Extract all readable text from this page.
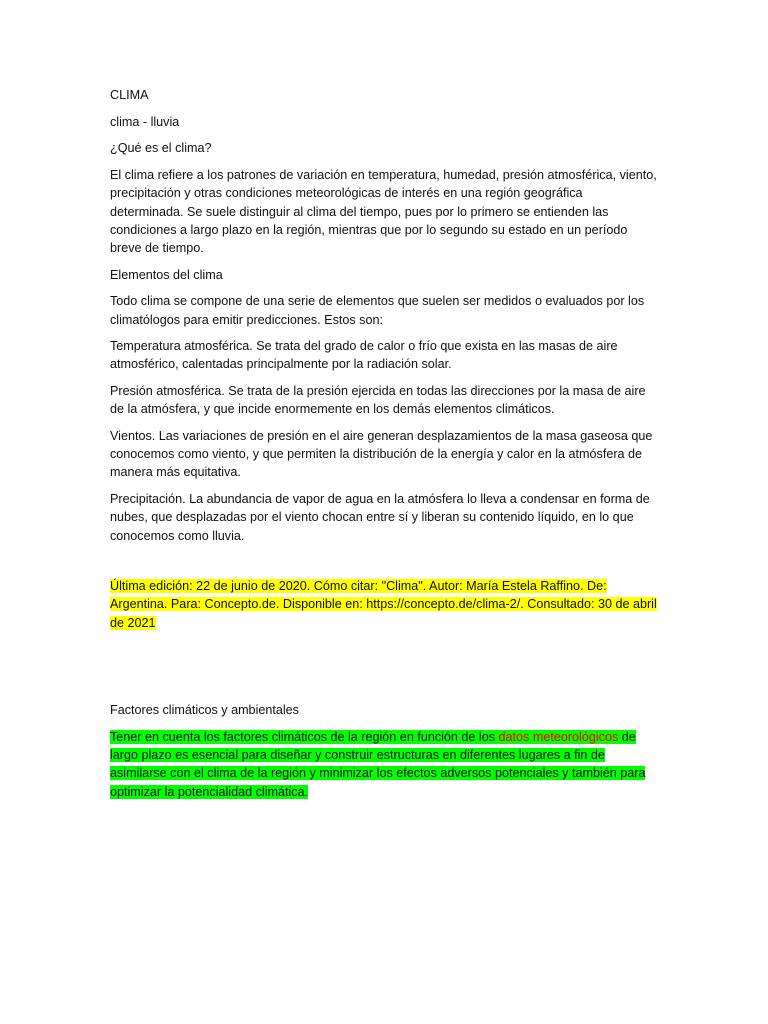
CLIMA

clima - lluvia

¿Qué es el clima?

El clima refiere a los patrones de variación en temperatura, humedad, presión atmosférica, viento, precipitación y otras condiciones meteorológicas de interés en una región geográfica determinada. Se suele distinguir al clima del tiempo, pues por lo primero se entienden las condiciones a largo plazo en la región, mientras que por lo segundo su estado en un período breve de tiempo.

Elementos del clima

Todo clima se compone de una serie de elementos que suelen ser medidos o evaluados por los climatólogos para emitir predicciones. Estos son:

Temperatura atmosférica. Se trata del grado de calor o frío que exista en las masas de aire atmosférico, calentadas principalmente por la radiación solar.

Presión atmosférica. Se trata de la presión ejercida en todas las direcciones por la masa de aire de la atmósfera, y que incide enormemente en los demás elementos climáticos.

Vientos. Las variaciones de presión en el aire generan desplazamientos de la masa gaseosa que conocemos como viento, y que permiten la distribución de la energía y calor en la atmósfera de manera más equitativa.

Precipitación. La abundancia de vapor de agua en la atmósfera lo lleva a condensar en forma de nubes, que desplazadas por el viento chocan entre sí y liberan su contenido líquido, en lo que conocemos como lluvia.

Última edición: 22 de junio de 2020. Cómo citar: "Clima". Autor: María Estela Raffino. De: Argentina. Para: Concepto.de. Disponible en: https://concepto.de/clima-2/. Consultado: 30 de abril de 2021

Factores climáticos y ambientales

Tener en cuenta los factores climáticos de la región en función de los datos meteorológicos de largo plazo es esencial para diseñar y construir estructuras en diferentes lugares a fin de asimilarse con el clima de la región y minimizar los efectos adversos potenciales y también para optimizar la potencialidad climática.
